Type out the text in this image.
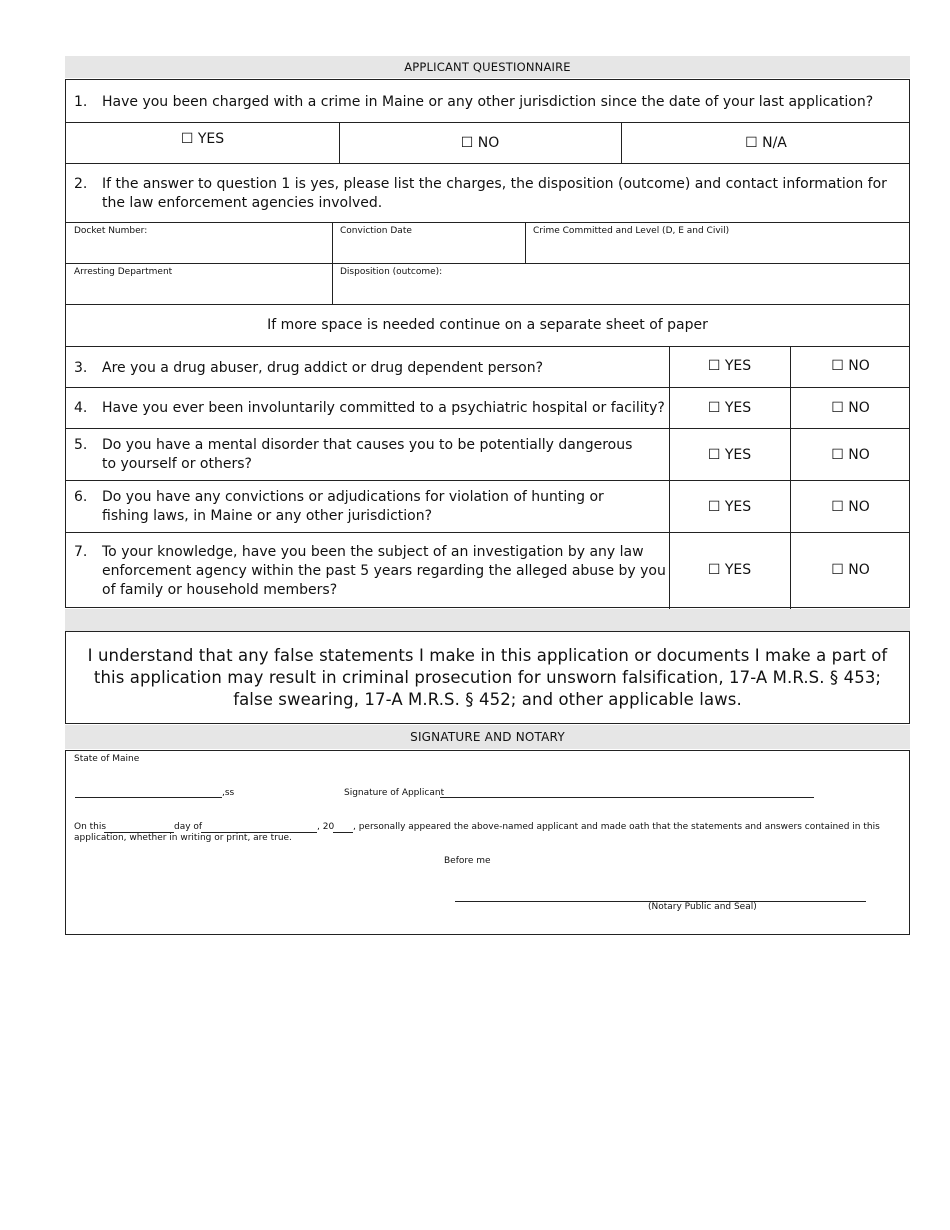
APPLICANT QUESTIONNAIRE
1.	Have you been charged with a crime in Maine or any other jurisdiction since the date of your last application?
☐ YES	☐ NO	☐ N/A
2.	If the answer to question 1 is yes, please list the charges, the disposition (outcome) and contact information for the law enforcement agencies involved.
Docket Number:	Conviction Date	Crime Committed and Level (D, E and Civil)
Arresting Department	Disposition (outcome):
If more space is needed continue on a separate sheet of paper
3.	Are you a drug abuser, drug addict or drug dependent person?	☐ YES	☐ NO
4.	Have you ever been involuntarily committed to a psychiatric hospital or facility?	☐ YES	☐ NO
5.	Do you have a mental disorder that causes you to be potentially dangerous to yourself or others?
☐ YES	☐ NO
6.	Do you have any convictions or adjudications for violation of hunting or fishing laws, in Maine or any other jurisdiction?
☐ YES	☐ NO
7.	To your knowledge, have you been the subject of an investigation by any law enforcement agency within the past 5 years regarding the alleged abuse by you of family or household members?
☐ YES	☐ NO
I understand that any false statements I make in this application or documents I make a part of this application may result in criminal prosecution for unsworn falsification, 17-A M.R.S. § 453; false swearing, 17-A M.R.S. § 452; and other applicable laws.
SIGNATURE AND NOTARY
State of Maine
,ss	Signature of Applicant
On this	day of	, 20 , personally appeared the above-named applicant and made oath that the statements and answers contained in this
application, whether in writing or print, are true.
Before me
(Notary Public and Seal)
